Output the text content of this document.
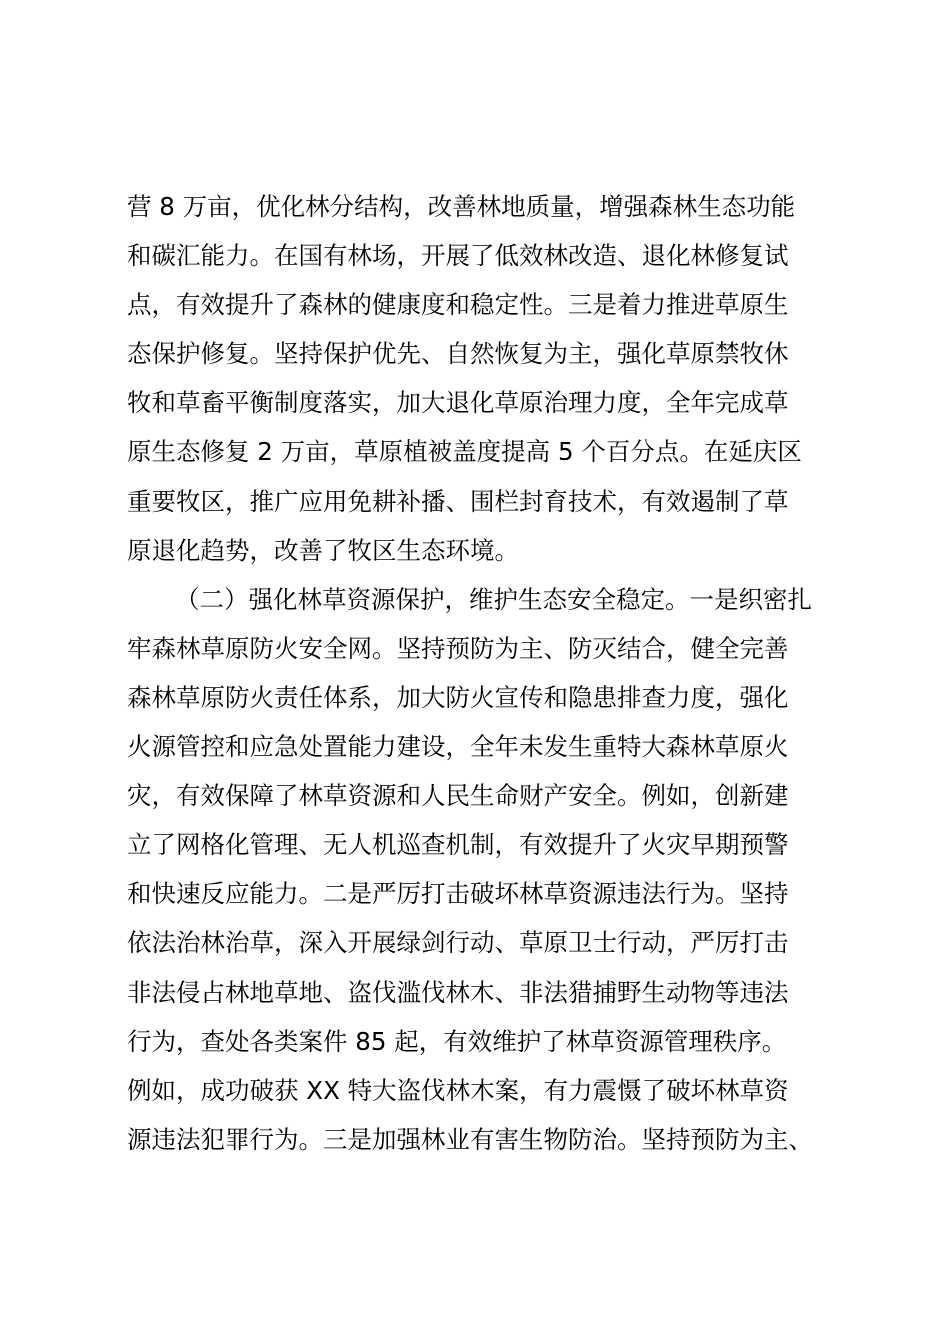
营 8 万亩，优化林分结构，改善林地质量，增强森林生态功能
和碳汇能力。在国有林场，开展了低效林改造、退化林修复试
点，有效提升了森林的健康度和稳定性。三是着力推进草原生
态保护修复。坚持保护优先、自然恢复为主，强化草原禁牧休
牧和草畜平衡制度落实，加大退化草原治理力度，全年完成草
原生态修复 2 万亩，草原植被盖度提高 5 个百分点。在延庆区
重要牧区，推广应用免耕补播、围栏封育技术，有效遏制了草
原退化趋势，改善了牧区生态环境。
（二）强化林草资源保护，维护生态安全稳定。一是织密扎
牢森林草原防火安全网。坚持预防为主、防灭结合，健全完善
森林草原防火责任体系，加大防火宣传和隐患排查力度，强化
火源管控和应急处置能力建设，全年未发生重特大森林草原火
灾，有效保障了林草资源和人民生命财产安全。例如，创新建
立了网格化管理、无人机巡查机制，有效提升了火灾早期预警
和快速反应能力。二是严厉打击破坏林草资源违法行为。坚持
依法治林治草，深入开展绿剑行动、草原卫士行动，严厉打击
非法侵占林地草地、盗伐滥伐林木、非法猎捕野生动物等违法
行为，查处各类案件 85 起，有效维护了林草资源管理秩序。
例如，成功破获 XX 特大盗伐林木案，有力震慑了破坏林草资
源违法犯罪行为。三是加强林业有害生物防治。坚持预防为主、
